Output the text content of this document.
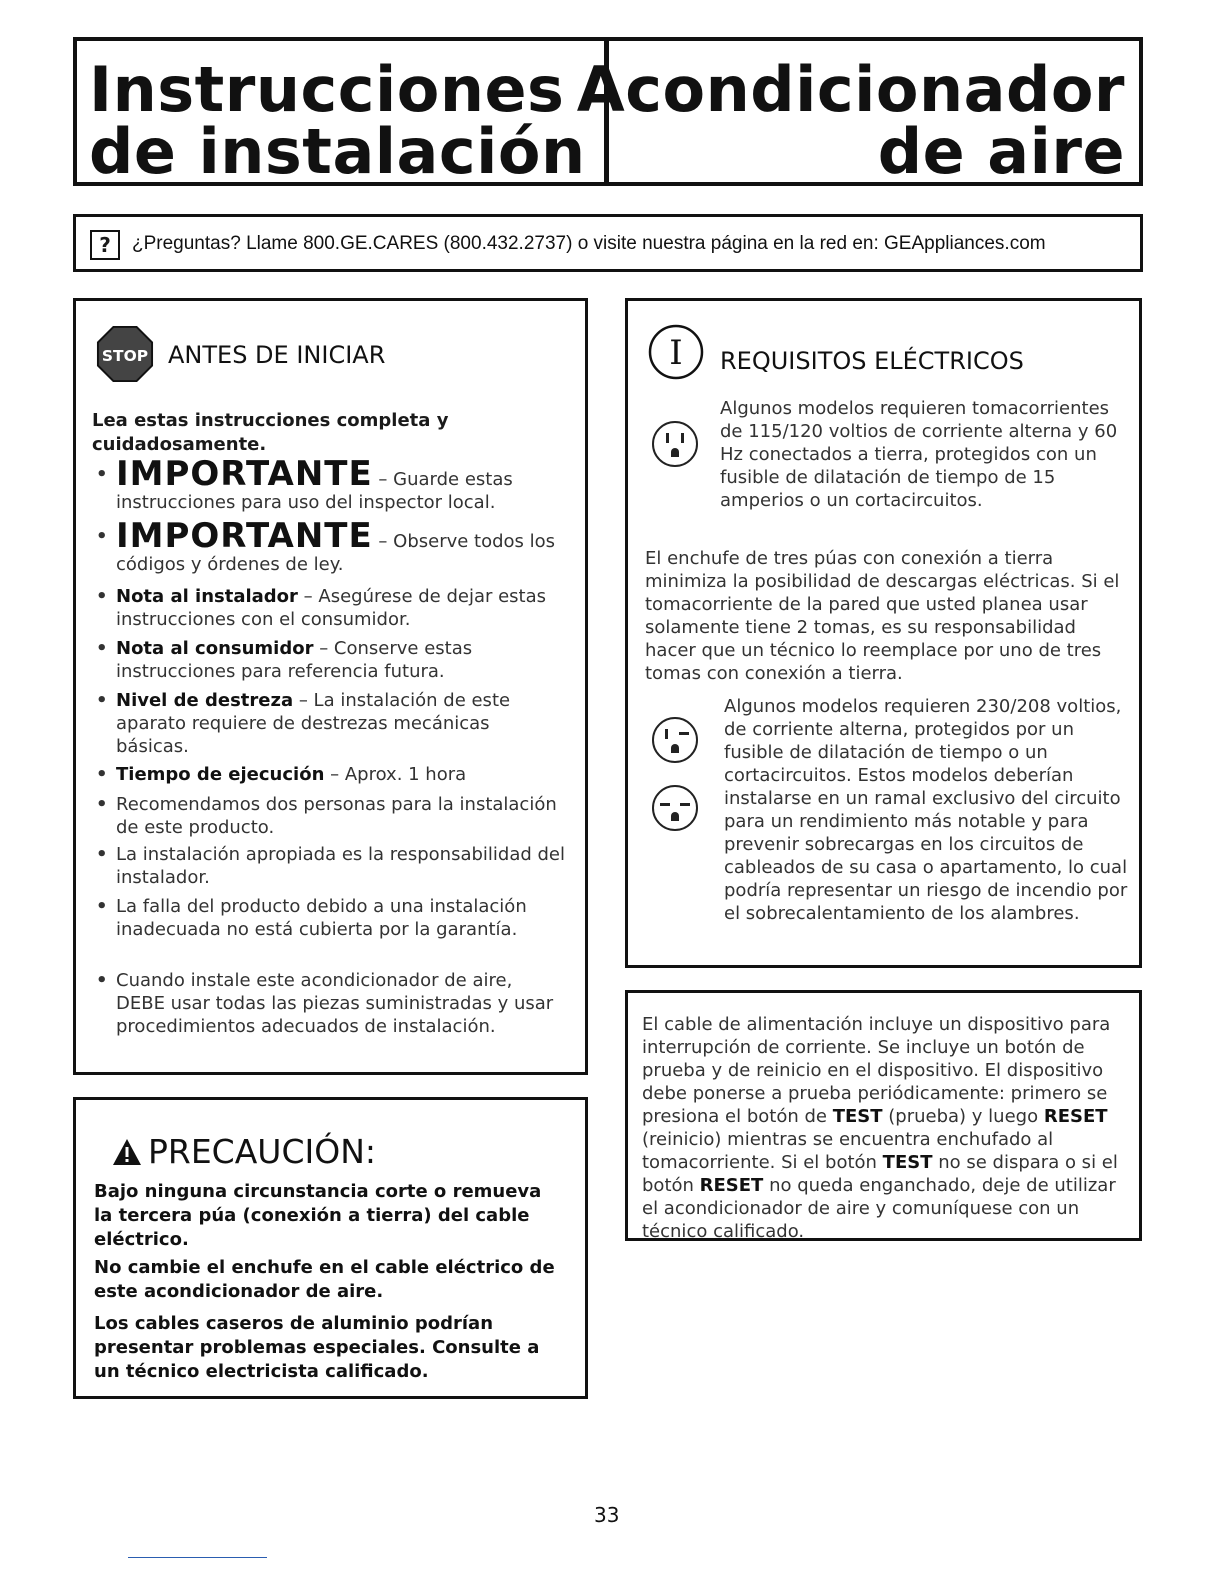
Instrucciones
de instalación
Acondicionador
de aire
?	¿Preguntas? Llame 800.GE.CARES (800.432.2737) o visite nuestra página en la red en: GEAppliances.com
STOP ANTES DE INICIAR
Lea estas instrucciones completa y cuidadosamente.
• IMPORTANTE – Guarde estas instrucciones para uso del inspector local.
• IMPORTANTE – Observe todos los códigos y órdenes de ley.
• Nota al instalador – Asegúrese de dejar estas instrucciones con el consumidor.
• Nota al consumidor – Conserve estas instrucciones para referencia futura.
• Nivel de destreza – La instalación de este aparato requiere de destrezas mecánicas básicas.
• Tiempo de ejecución – Aprox. 1 hora
• Recomendamos dos personas para la instalación de este producto.
• La instalación apropiada es la responsabilidad del instalador.
• La falla del producto debido a una instalación inadecuada no está cubierta por la garantía.
• Cuando instale este acondicionador de aire, DEBE usar todas las piezas suministradas y usar procedimientos adecuados de instalación.
PRECAUCIÓN:
Bajo ninguna circunstancia corte o remueva la tercera púa (conexión a tierra) del cable eléctrico.
No cambie el enchufe en el cable eléctrico de este acondicionador de aire.
Los cables caseros de aluminio podrían presentar problemas especiales. Consulte a un técnico electricista calificado.
I REQUISITOS ELÉCTRICOS
Algunos modelos requieren tomacorrientes de 115/120 voltios de corriente alterna y 60 Hz conectados a tierra, protegidos con un fusible de dilatación de tiempo de 15 amperios o un cortacircuitos.
El enchufe de tres púas con conexión a tierra minimiza la posibilidad de descargas eléctricas. Si el tomacorriente de la pared que usted planea usar solamente tiene 2 tomas, es su responsabilidad hacer que un técnico lo reemplace por uno de tres tomas con conexión a tierra.
Algunos modelos requieren 230/208 voltios, de corriente alterna, protegidos por un fusible de dilatación de tiempo o un cortacircuitos. Estos modelos deberían instalarse en un ramal exclusivo del circuito para un rendimiento más notable y para prevenir sobrecargas en los circuitos de cableados de su casa o apartamento, lo cual podría representar un riesgo de incendio por el sobrecalentamiento de los alambres.
El cable de alimentación incluye un dispositivo para interrupción de corriente. Se incluye un botón de prueba y de reinicio en el dispositivo. El dispositivo debe ponerse a prueba periódicamente: primero se presiona el botón de TEST (prueba) y luego RESET (reinicio) mientras se encuentra enchufado al tomacorriente. Si el botón TEST no se dispara o si el botón RESET no queda enganchado, deje de utilizar el acondicionador de aire y comuníquese con un técnico calificado.
33
